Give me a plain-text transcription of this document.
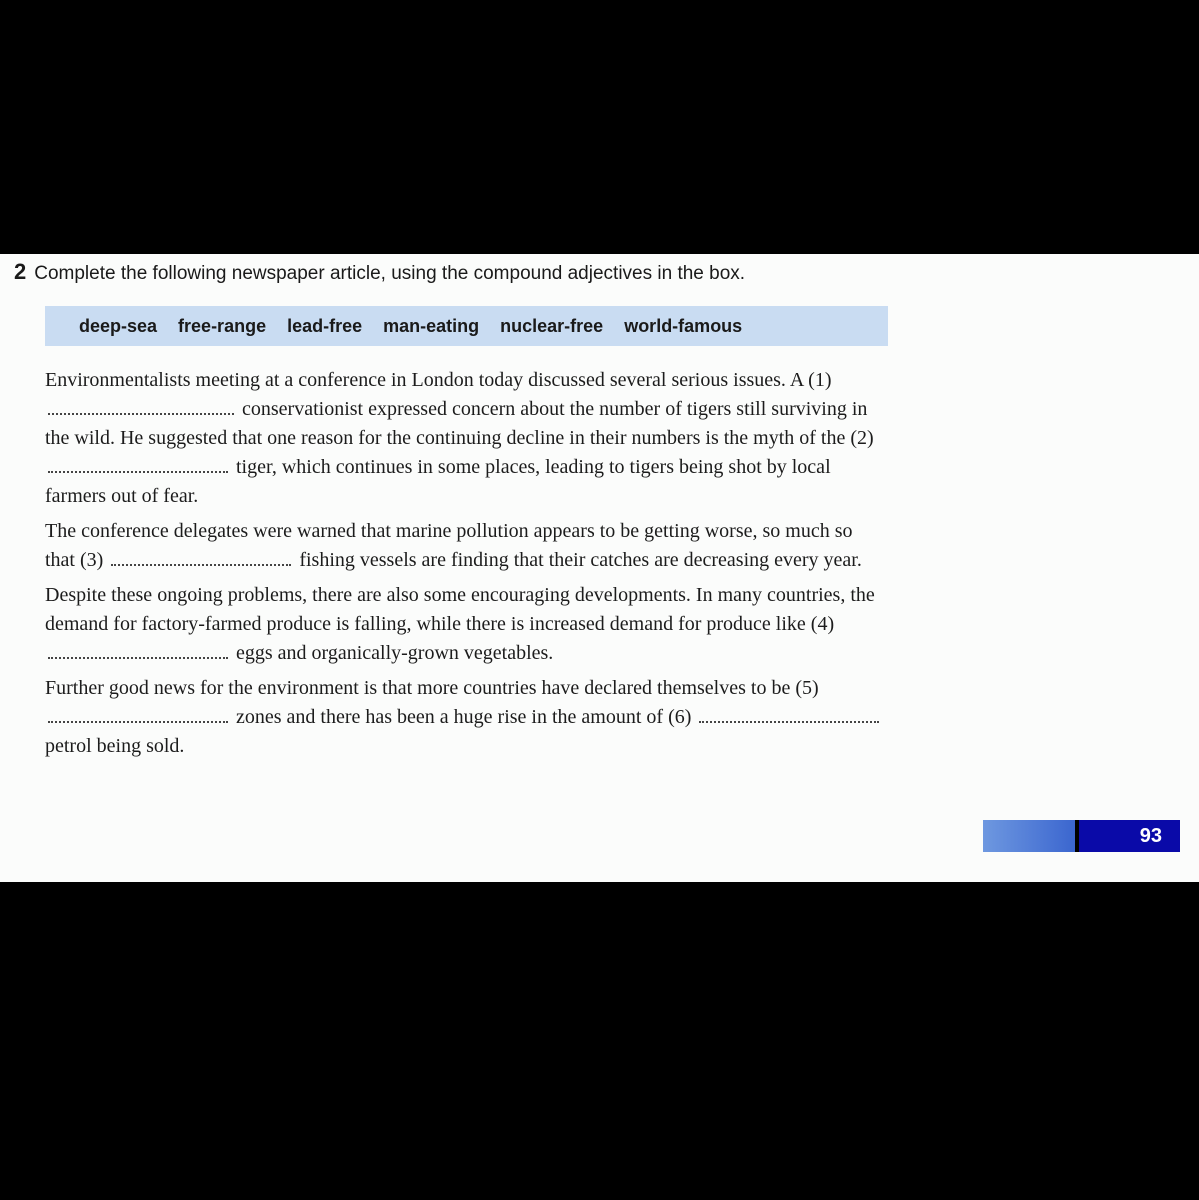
2 Complete the following newspaper article, using the compound adjectives in the box.
deep-sea free-range lead-free man-eating nuclear-free world-famous

Environmentalists meeting at a conference in London today discussed several serious issues. A (1)  conservationist expressed concern about the number of tigers still surviving in the wild. He suggested that one reason for the continuing decline in their numbers is the myth of the (2)  tiger, which continues in some places, leading to tigers being shot by local farmers out of fear.

The conference delegates were warned that marine pollution appears to be getting worse, so much so that (3)	fishing vessels are finding that their catches are decreasing every year.

Despite these ongoing problems, there are also some encouraging developments. In many countries, the demand for factory-farmed produce is falling, while there is increased demand for produce like (4)  eggs and organically-grown vegetables.

Further good news for the environment is that more countries have declared themselves to be (5)  zones and there has been a huge rise in the amount of (6)  petrol being sold.

93
